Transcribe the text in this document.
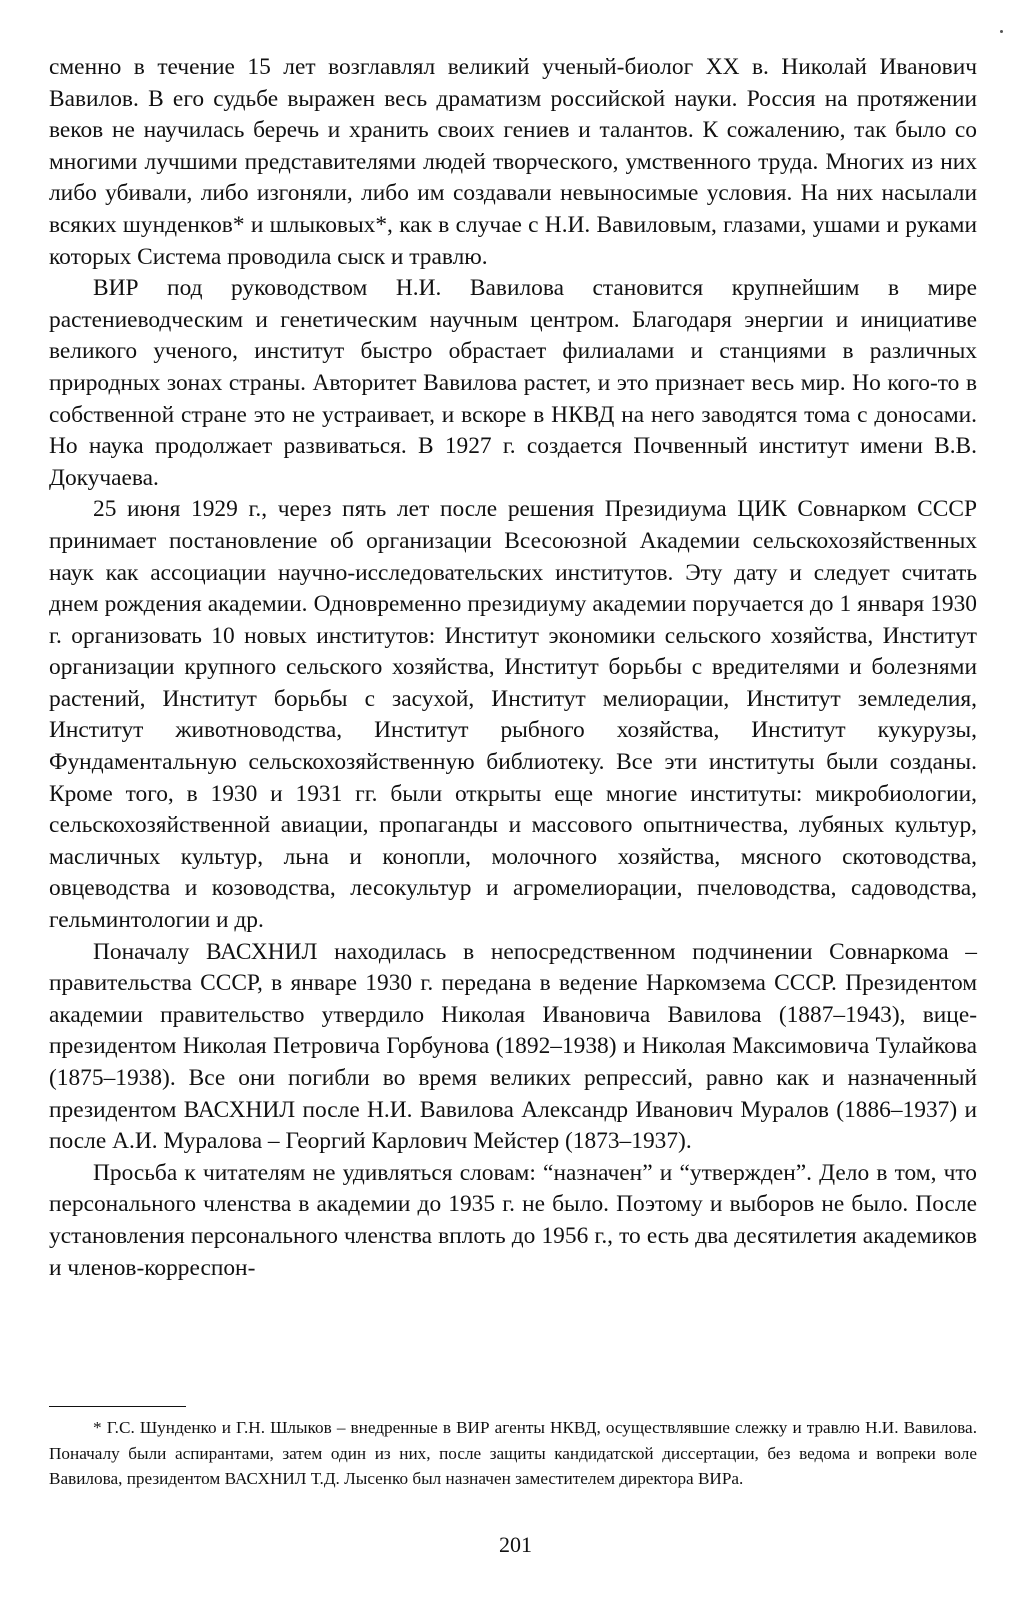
сменно в течение 15 лет возглавлял великий ученый-биолог XX в. Николай Иванович Вавилов. В его судьбе выражен весь драматизм российской науки. Россия на протяжении веков не научилась беречь и хранить своих гениев и талантов. К сожалению, так было со многими лучшими представителями людей творческого, умственного труда. Многих из них либо убивали, либо изгоняли, либо им создавали невыносимые условия. На них насылали всяких шунденков* и шлыковых*, как в случае с Н.И. Вавиловым, глазами, ушами и руками которых Система проводила сыск и травлю.

ВИР под руководством Н.И. Вавилова становится крупнейшим в мире растениеводческим и генетическим научным центром. Благодаря энергии и инициативе великого ученого, институт быстро обрастает филиалами и станциями в различных природных зонах страны. Авторитет Вавилова растет, и это признает весь мир. Но кого-то в собственной стране это не устраивает, и вскоре в НКВД на него заводятся тома с доносами. Но наука продолжает развиваться. В 1927 г. создается Почвенный институт имени В.В. Докучаева.

25 июня 1929 г., через пять лет после решения Президиума ЦИК Совнарком СССР принимает постановление об организации Всесоюзной Академии сельскохозяйственных наук как ассоциации научно-исследовательских институтов. Эту дату и следует считать днем рождения академии. Одновременно президиуму академии поручается до 1 января 1930 г. организовать 10 новых институтов: Институт экономики сельского хозяйства, Институт организации крупного сельского хозяйства, Институт борьбы с вредителями и болезнями растений, Институт борьбы с засухой, Институт мелиорации, Институт земледелия, Институт животноводства, Институт рыбного хозяйства, Институт кукурузы, Фундаментальную сельскохозяйственную библиотеку. Все эти институты были созданы. Кроме того, в 1930 и 1931 гг. были открыты еще многие институты: микробиологии, сельскохозяйственной авиации, пропаганды и массового опытничества, лубяных культур, масличных культур, льна и конопли, молочного хозяйства, мясного скотоводства, овцеводства и козоводства, лесокультур и агромелиорации, пчеловодства, садоводства, гельминтологии и др.

Поначалу ВАСХНИЛ находилась в непосредственном подчинении Совнаркома – правительства СССР, в январе 1930 г. передана в ведение Наркомзема СССР. Президентом академии правительство утвердило Николая Ивановича Вавилова (1887–1943), вице-президентом Николая Петровича Горбунова (1892–1938) и Николая Максимовича Тулайкова (1875–1938). Все они погибли во время великих репрессий, равно как и назначенный президентом ВАСХНИЛ после Н.И. Вавилова Александр Иванович Муралов (1886–1937) и после А.И. Муралова – Георгий Карлович Мейстер (1873–1937).

Просьба к читателям не удивляться словам: “назначен” и “утвержден”. Дело в том, что персонального членства в академии до 1935 г. не было. Поэтому и выборов не было. После установления персонального членства вплоть до 1956 г., то есть два десятилетия академиков и членов-корреспон-

* Г.С. Шунденко и Г.Н. Шлыков – внедренные в ВИР агенты НКВД, осуществлявшие слежку и травлю Н.И. Вавилова. Поначалу были аспирантами, затем один из них, после защиты кандидатской диссертации, без ведома и вопреки воле Вавилова, президентом ВАСХНИЛ Т.Д. Лысенко был назначен заместителем директора ВИРа.

201
